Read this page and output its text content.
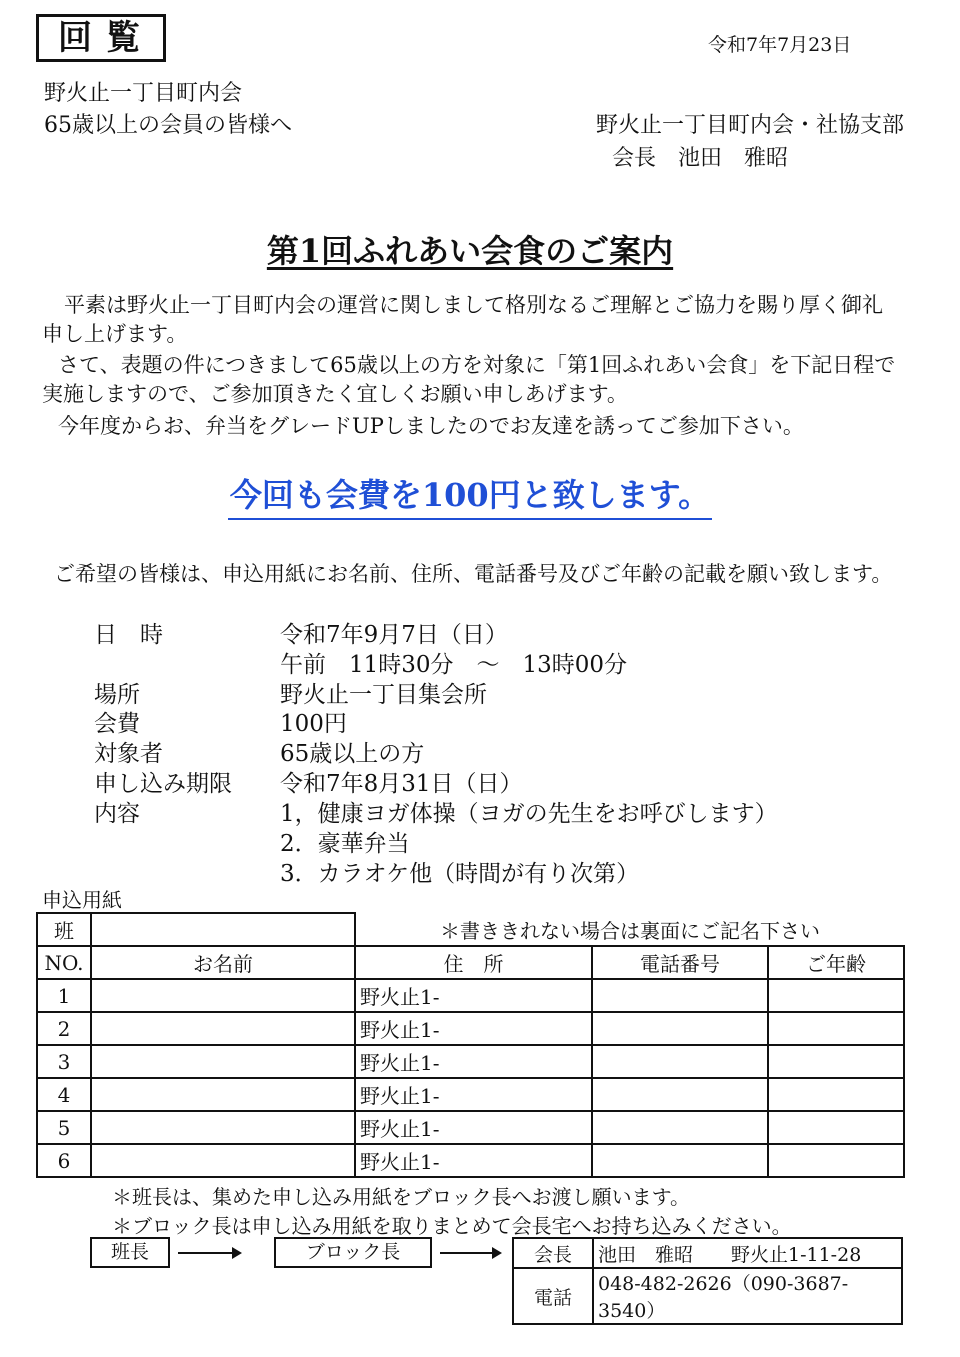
回覧	令和7年7月23日
野火止一丁目町内会
65歳以上の会員の皆様へ	野火止一丁目町内会・社協支部
会長　池田　雅昭
第1回ふれあい会食のご案内
平素は野火止一丁目町内会の運営に関しまして格別なるご理解とご協力を賜り厚く御礼
申し上げます。
さて、表題の件につきまして65歳以上の方を対象に「第1回ふれあい会食」を下記日程で
実施しますので、ご参加頂きたく宜しくお願い申しあげます。
今年度からお、弁当をグレードUPしましたのでお友達を誘ってご参加下さい。
今回も会費を100円と致します。
ご希望の皆様は、申込用紙にお名前、住所、電話番号及びご年齢の記載を願い致します。
日　時	令和7年9月7日（日）
午前　11時30分　～　13時00分
場所	野火止一丁目集会所
会費	100円
対象者	65歳以上の方
申し込み期限 令和7年8月31日（日）
内容	1，健康ヨガ体操（ヨガの先生をお呼びします）
2．豪華弁当
3．カラオケ他（時間が有り次第）
申込用紙
班		＊書ききれない場合は裏面にご記名下さい		
NO.	お名前	住　所	電話番号	ご年齢
1		野火止1-		
2		野火止1-		
3		野火止1-		
4		野火止1-		
5		野火止1-		
6		野火止1-		
＊班長は、集めた申し込み用紙をブロック長へお渡し願います。
＊ブロック長は申し込み用紙を取りまとめて会長宅へお持ち込みください。
班長	ブロック長	会長	池田　雅昭　　野火止1-11-28
電話	048-482-2626（090-3687-3540）
